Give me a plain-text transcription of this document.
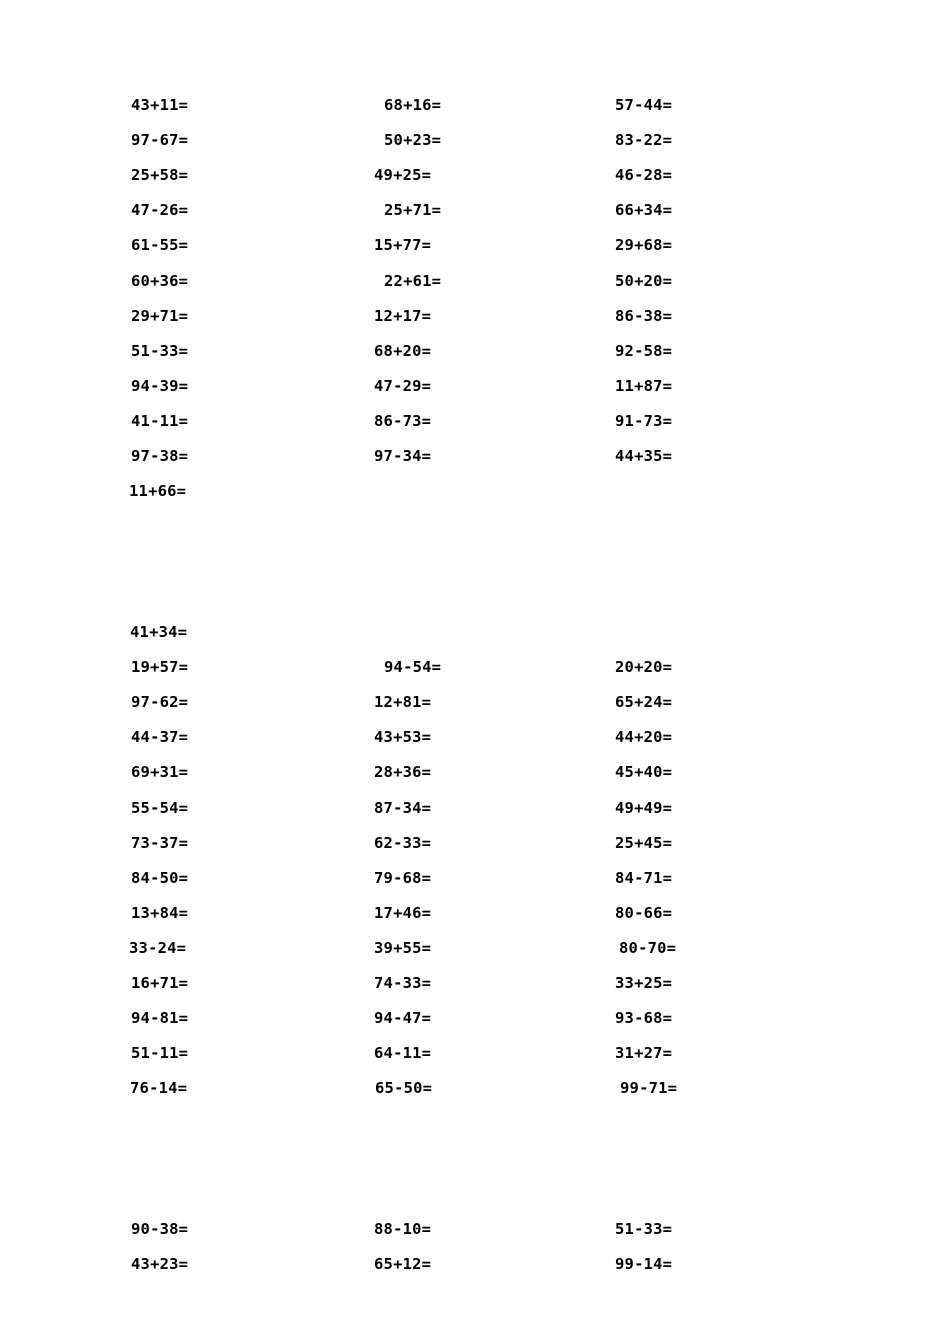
43+11=	68+16=	57-44=
97-67=	50+23=	83-22=
25+58=	49+25=	46-28=
47-26=	25+71=	66+34=
61-55=	15+77=	29+68=
60+36=	22+61=	50+20=
29+71=	12+17=	86-38=
51-33=	68+20=	92-58=
94-39=	47-29=	11+87=
41-11=	86-73=	91-73=
97-38=	97-34=	44+35=
11+66=
41+34=
19+57=	94-54=	20+20=
97-62=	12+81=	65+24=
44-37=	43+53=	44+20=
69+31=	28+36=	45+40=
55-54=	87-34=	49+49=
73-37=	62-33=	25+45=
84-50=	79-68=	84-71=
13+84=	17+46=	80-66=
33-24=	39+55=	80-70=
16+71=	74-33=	33+25=
94-81=	94-47=	93-68=
51-11=	64-11=	31+27=
76-14=	65-50=	99-71=
90-38=	88-10=	51-33=
43+23=	65+12=	99-14=
